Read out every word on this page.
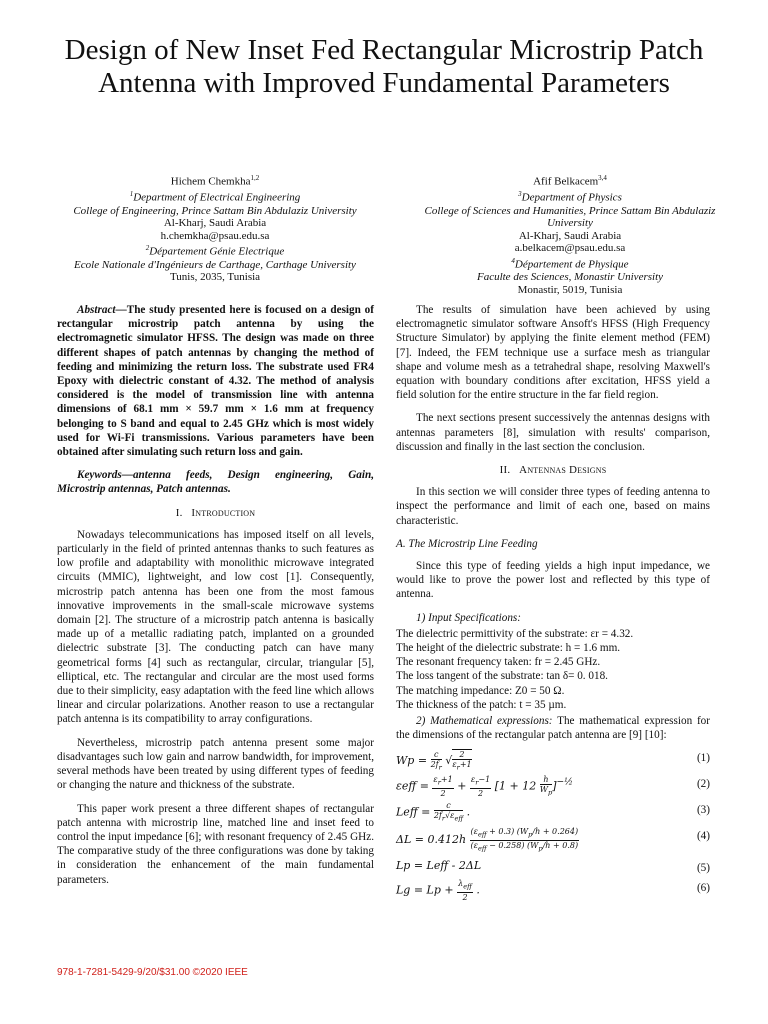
Design of New Inset Fed Rectangular Microstrip Patch Antenna with Improved Fundamental Parameters
Hichem Chemkha$^{1,2}$
$^1$Department of Electrical Engineering
College of Engineering, Prince Sattam Bin Abdulaziz University
Al-Kharj, Saudi Arabia
h.chemkha@psau.edu.sa
$^2$Département Génie Electrique
Ecole Nationale d'Ingénieurs de Carthage, Carthage University
Tunis, 2035, Tunisia
Afif Belkacem$^{3,4}$
$^3$Department of Physics
College of Sciences and Humanities, Prince Sattam Bin Abdulaziz University
Al-Kharj, Saudi Arabia
a.belkacem@psau.edu.sa
$^4$Département de Physique
Faculte des Sciences, Monastir University
Monastir, 5019, Tunisia

Abstract—The study presented here is focused on a design of rectangular microstrip patch antenna by using the electromagnetic simulator HFSS. The design was made on three different shapes of patch antennas by changing the method of feeding and minimizing the return loss. The substrate used FR4 Epoxy with dielectric constant of 4.32. The method of analysis considered is the model of transmission line with antenna dimensions of 68.1 mm × 59.7 mm × 1.6 mm at frequency belonging to S band and equal to 2.45 GHz which is most widely used for Wi-Fi transmissions. Various parameters have been obtained after simulating such return loss and gain.

Keywords—antenna feeds, Design engineering, Gain, Microstrip antennas, Patch antennas.

I. Introduction

Nowadays telecommunications has imposed itself on all levels, particularly in the field of printed antennas thanks to such features as low profile and adaptability with monolithic microwave integrated circuits (MMIC), lightweight, and low cost [1]. Consequently, microstrip patch antenna has been one from the most famous innovative improvements in the small-scale microwave systems domain [2]. The structure of a microstrip patch antenna is basically made up of a metallic radiating patch, implanted on a grounded dielectric substrate [3]. The conducting patch can have many geometrical forms [4] such as rectangular, circular, triangular [5], elliptical, etc. The rectangular and circular are the most used forms due to their simplicity, easy adaptation with the feed line which allows linear and circular polarizations. Another reason to use a rectangular patch antenna is its compatibility to array configurations.

Nevertheless, microstrip patch antenna present some major disadvantages such low gain and narrow bandwidth, for improvement, several methods have been treated by using different types of feeding or changing the nature and thickness of the substrate.

This paper work present a three different shapes of rectangular patch antenna with microstrip line, matched line and inset feed to control the input impedance [6]; with resonant frequency of 2.45 GHz. The comparative study of the three configurations was done by taking in consideration the enhancement of the main fundamental parameters.

The results of simulation have been achieved by using electromagnetic simulator software Ansoft's HFSS (High Frequency Structure Simulator) by applying the finite element method (FEM) [7]. Indeed, the FEM technique use a surface mesh as triangular shape and volume mesh as a tetrahedral shape, resolving Maxwell's equation with boundary conditions after excitation, HFSS yield a field solution for the entire structure in the far field region.

The next sections present successively the antennas designs with antennas parameters [8], simulation with results' comparison, discussion and finally in the last section the conclusion.

II. Antennas Designs

In this section we will consider three types of feeding antenna to inspect the performance and limit of each one, based on mains characteristic.

A. The Microstrip Line Feeding

Since this type of feeding yields a high input impedance, we would like to prove the power lost and reflected by this type of antenna.

1) Input Specifications:
The dielectric permittivity of the substrate: εr = 4.32.
The height of the dielectric substrate: h = 1.6 mm.
The resonant frequency taken: fr = 2.45 GHz.
The loss tangent of the substrate: tan δ= 0. 018.
The matching impedance: Z0 = 50 Ω.
The thickness of the patch: t = 35 µm.

2) Mathematical expressions: The mathematical expression for the dimensions of the rectangular patch antenna are [9] [10]:

$Wp = \frac{c}{2f_r}$ √ $\frac{2}{\varepsilon_r+1}$	(1)
$\varepsilon eff = \frac{\varepsilon_r+1}{2} + \frac{\varepsilon_r-1}{2} [1 + 12 \frac{h}{W_p} ]^{-\frac{1}{2}}$	(2)
Leff = $\frac{c}{2f_r√\varepsilon_{eff}}$ .	(3)
$\Delta L = 0.412h \frac{(\varepsilon_{eff} + 0.3) (W_p/h + 0.264)}{(\varepsilon_{eff} - 0.258) (W_p/h + 0.8)}$	(4)
Lp = Leff - 2ΔL	(5)
$Lg = Lp + \frac{\lambda_{eff}}{2}$ .	(6)
978-1-7281-5429-9/20/$31.00 ©2020 IEEE
